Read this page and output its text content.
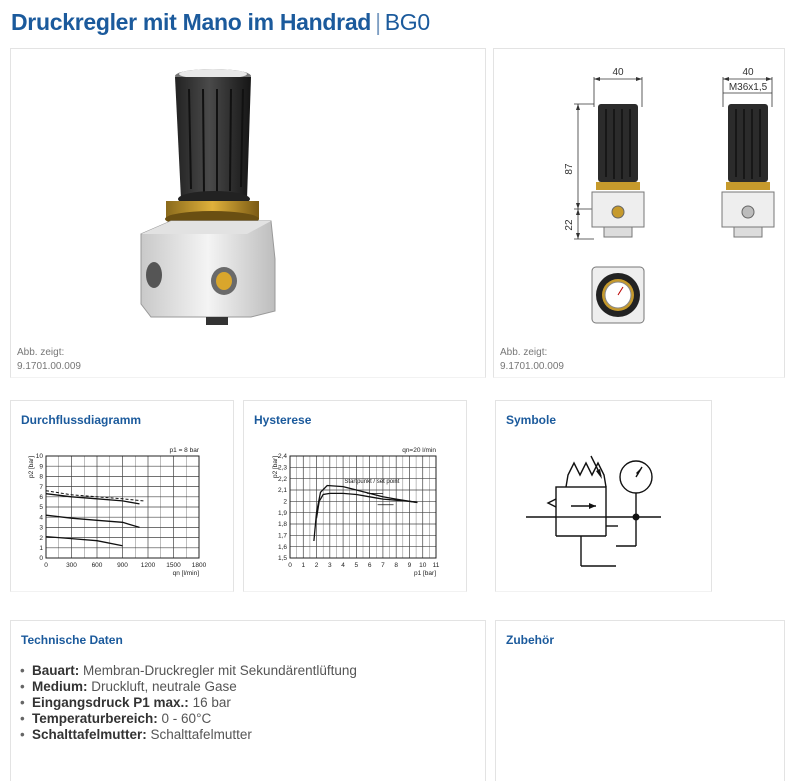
Druckregler mit Mano im Handrad | BG0
Abb. zeigt:
9.1701.00.009
40	40
M36x1,5
87
22
Abb. zeigt:
9.1701.00.009
Durchflussdiagramm
0	300 600 900 1200 1500 1800
0
1
2
3
4
5
6
7
8
9
10
qn [l/min]
p2 [bar]
p1 = 8 bar
Hysterese
0 1 2 3 4 5 6 7 8 9 10 11
1,5
1,6
1,7
1,8
1,9
2
2,1
2,2
2,3
2,4
p1 [bar]
p2 [bar]
qn=20 l/min
Startpunkt / set point
Symbole
Technische Daten
• Bauart: Membran-Druckregler mit Sekundärentlüftung
• Medium: Druckluft, neutrale Gase
• Eingangsdruck P1 max.: 16 bar
• Temperaturbereich: 0 - 60°C
• Schalttafelmutter: Schalttafelmutter
Zubehör
